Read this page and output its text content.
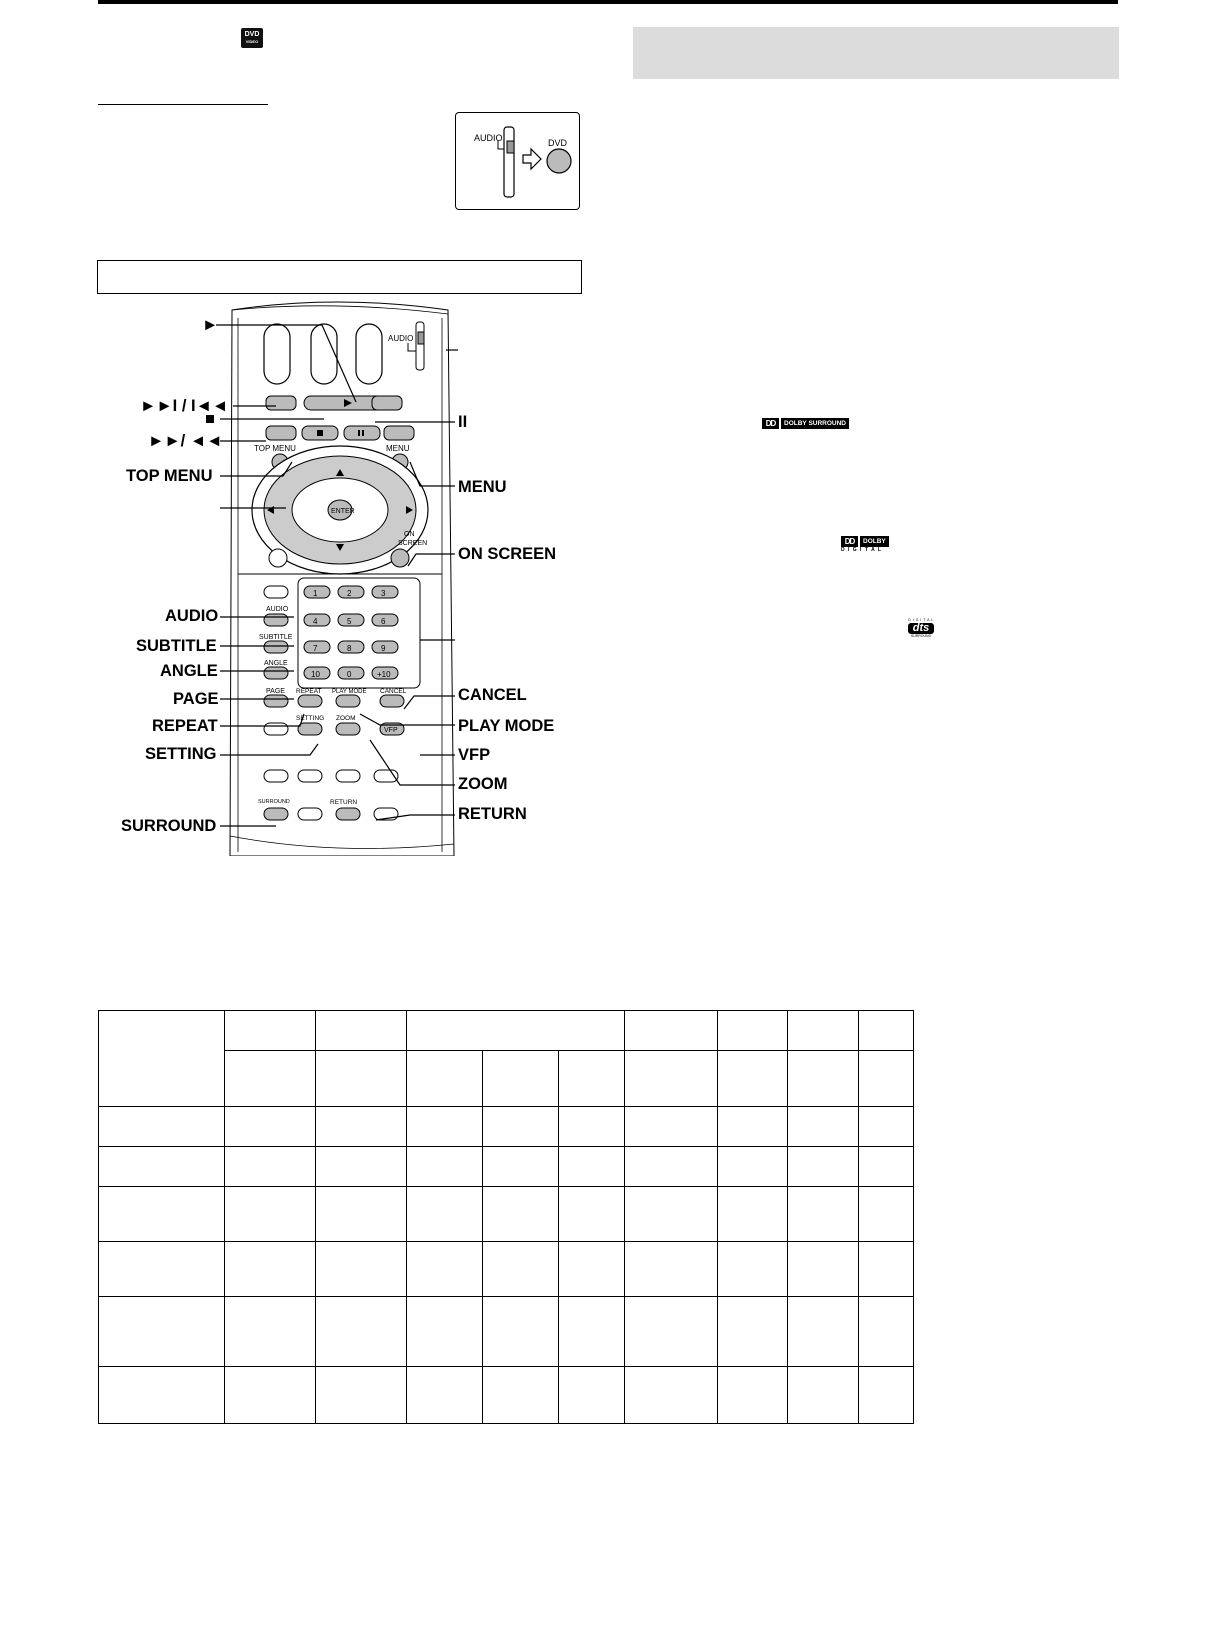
DVD
VIDEO
AUDIO	DVD
AUDIO
TOP MENU	MENU
ENTER
ON
SCREEN
AUDIO
SUBTITLE
ANGLE
PAGE
1	2	3
4	5	6
7	8	9
10	0	+10
REPEAT PLAY MODE CANCEL
SETTING ZOOM
VFP
SURROUND	RETURN
►
►►I / I◄◄
■
►►/ ◄◄
TOP MENU
AUDIO
SUBTITLE
ANGLE
PAGE
REPEAT
SETTING
SURROUND
II
MENU
ON SCREEN
CANCEL
PLAY MODE
VFP
ZOOM
RETURN
DD	DOLBY SURROUND
DD	DOLBY
D I G I T A L
D I G I T A L
dts
SURROUND
